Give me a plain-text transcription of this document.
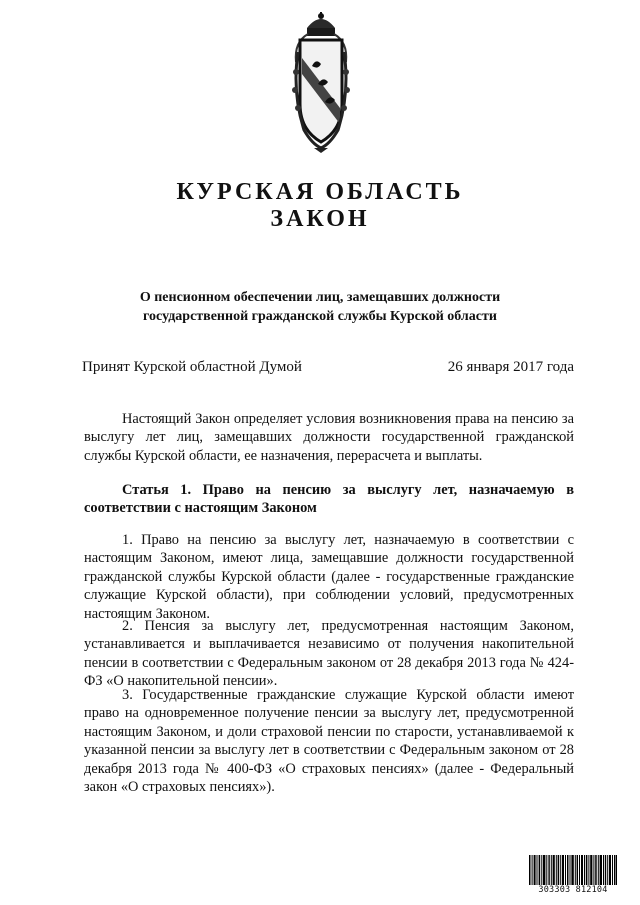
КУРСКАЯ ОБЛАСТЬ
ЗАКОН

О пенсионном обеспечении лиц, замещавших должности государственной гражданской службы Курской области

Принят Курской областной Думой	26 января 2017 года

Настоящий Закон определяет условия возникновения права на пенсию за выслугу лет лиц, замещавших должности государственной гражданской службы Курской области, ее назначения, перерасчета и выплаты.

Статья 1. Право на пенсию за выслугу лет, назначаемую в соответствии с настоящим Законом

1. Право на пенсию за выслугу лет, назначаемую в соответствии с настоящим Законом, имеют лица, замещавшие должности государственной гражданской службы Курской области (далее - государственные гражданские служащие Курской области), при соблюдении условий, предусмотренных настоящим Законом.

2. Пенсия за выслугу лет, предусмотренная настоящим Законом, устанавливается и выплачивается независимо от получения накопительной пенсии в соответствии с Федеральным законом от 28 декабря 2013 года № 424-ФЗ «О накопительной пенсии».

3. Государственные гражданские служащие Курской области имеют право на одновременное получение пенсии за выслугу лет, предусмотренной настоящим Законом, и доли страховой пенсии по старости, устанавливаемой к указанной пенсии за выслугу лет в соответствии с Федеральным законом от 28 декабря 2013 года № 400-ФЗ «О страховых пенсиях» (далее - Федеральный закон «О страховых пенсиях»).

303303 812104
